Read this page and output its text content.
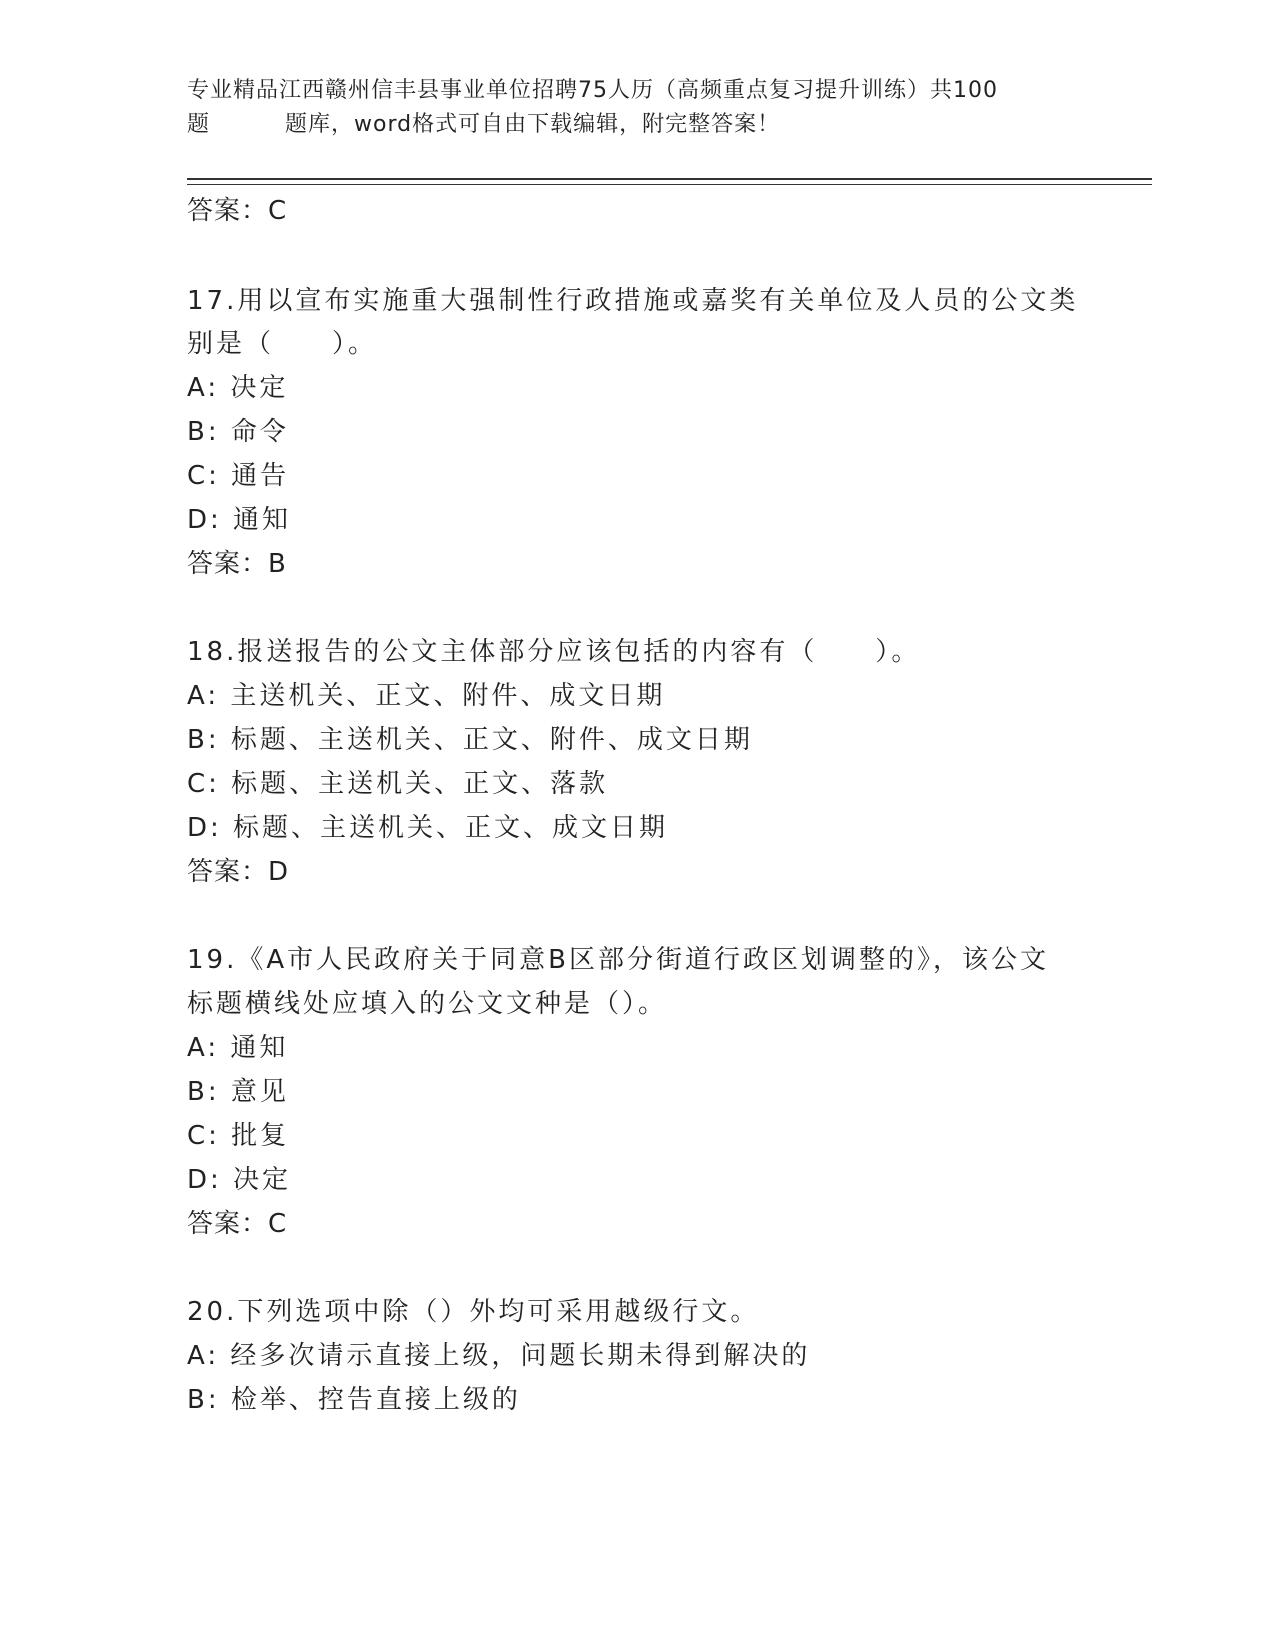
专业精品江西赣州信丰县事业单位招聘75人历（高频重点复习提升训练）共100
题	题库，word格式可自由下载编辑，附完整答案！
答案：C
17.用以宣布实施重大强制性行政措施或嘉奖有关单位及人员的公文类
别是（　　）。
A: 决定
B: 命令
C: 通告
D: 通知
答案：B
18.报送报告的公文主体部分应该包括的内容有（　　）。
A: 主送机关、正文、附件、成文日期
B: 标题、主送机关、正文、附件、成文日期
C: 标题、主送机关、正文、落款
D: 标题、主送机关、正文、成文日期
答案：D
19.《A市人民政府关于同意B区部分街道行政区划调整的》，该公文
标题横线处应填入的公文文种是（）。
A: 通知
B: 意见
C: 批复
D: 决定
答案：C
20.下列选项中除（）外均可采用越级行文。
A: 经多次请示直接上级，问题长期未得到解决的
B: 检举、控告直接上级的
